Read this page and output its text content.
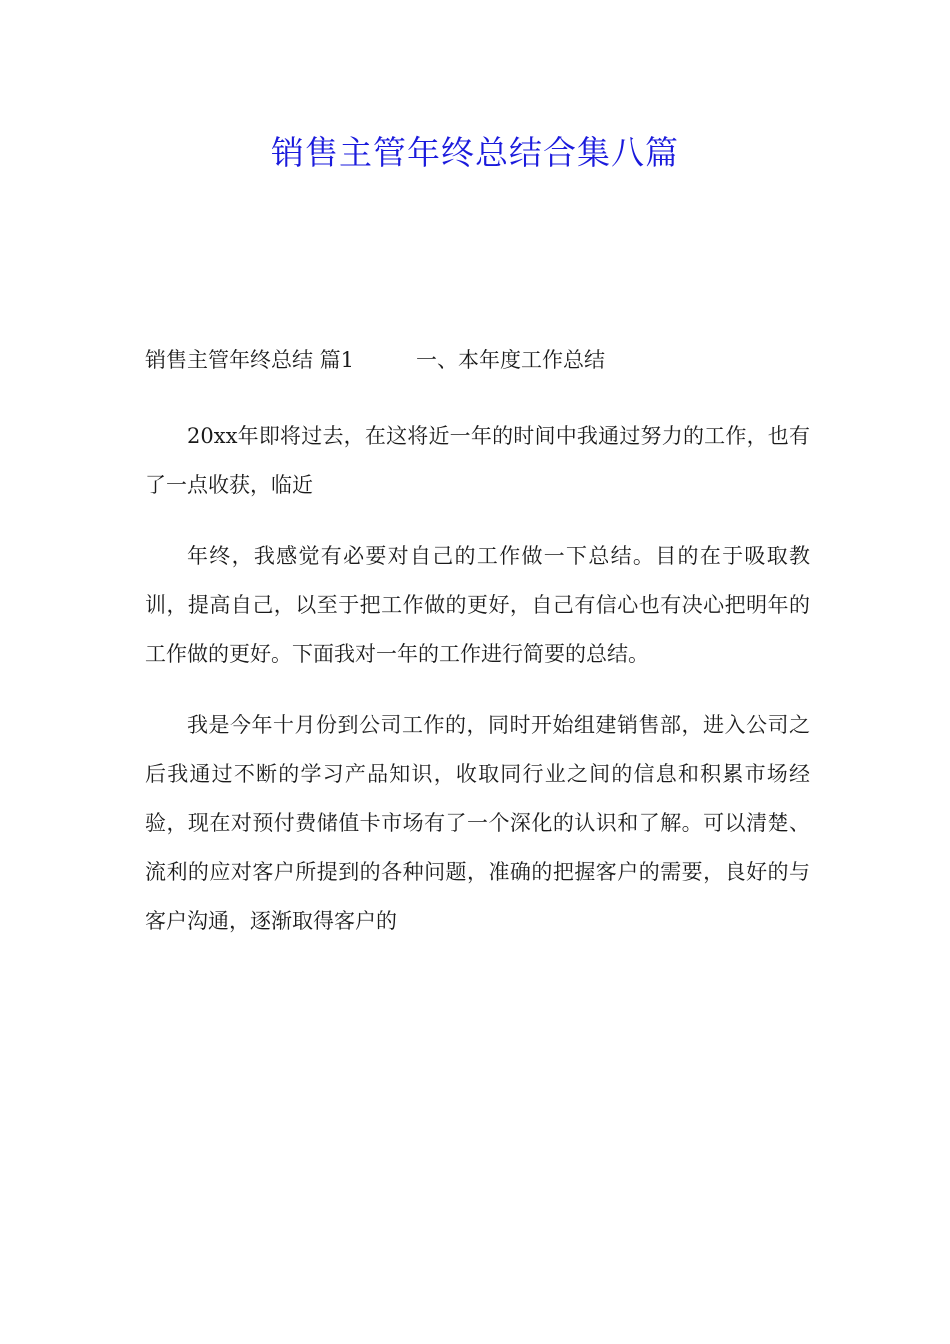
销售主管年终总结合集八篇
销售主管年终总结 篇1	一、本年度工作总结

20xx年即将过去，在这将近一年的时间中我通过努力的工作，也有了一点收获，临近

年终，我感觉有必要对自己的工作做一下总结。目的在于吸取教训，提高自己，以至于把工作做的更好，自己有信心也有决心把明年的工作做的更好。下面我对一年的工作进行简要的总结。

我是今年十月份到公司工作的，同时开始组建销售部，进入公司之后我通过不断的学习产品知识，收取同行业之间的信息和积累市场经验，现在对预付费储值卡市场有了一个深化的认识和了解。可以清楚、流利的应对客户所提到的各种问题，准确的把握客户的需要，良好的与客户沟通，逐渐取得客户的
